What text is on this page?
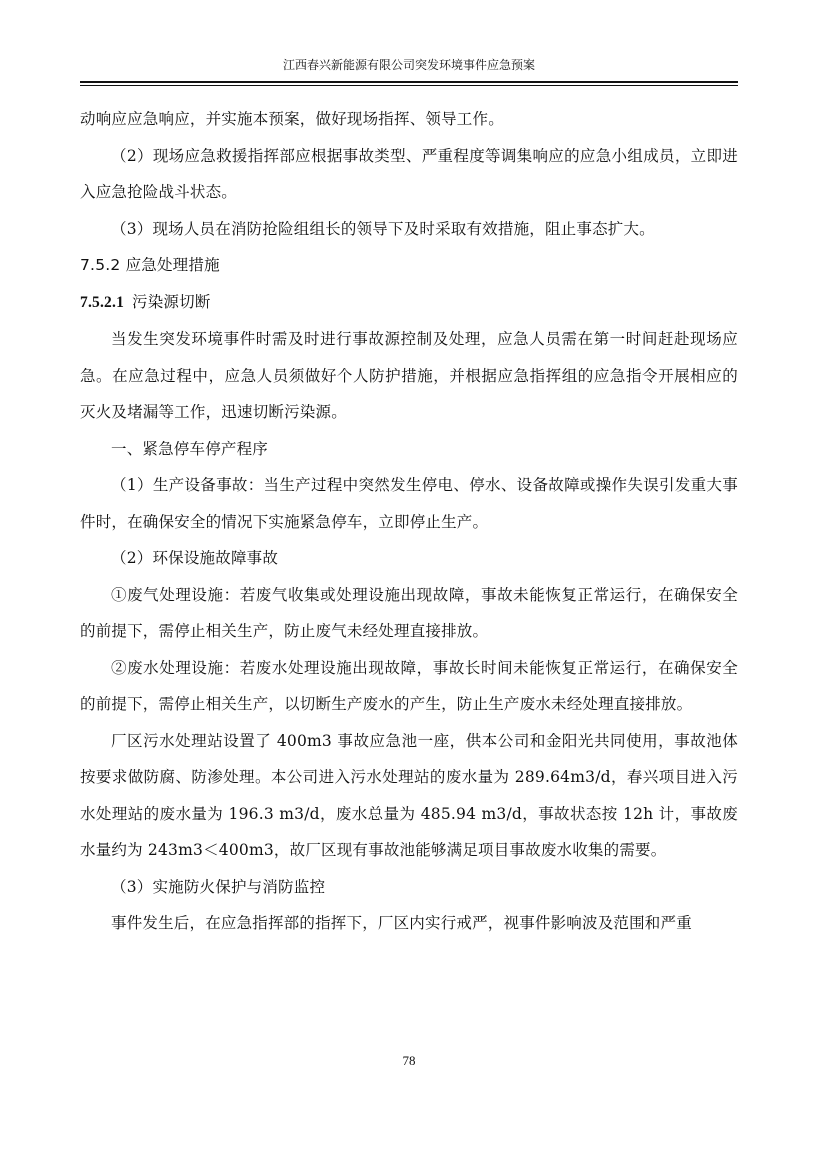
江西春兴新能源有限公司突发环境事件应急预案

动响应应急响应，并实施本预案，做好现场指挥、领导工作。

（2）现场应急救援指挥部应根据事故类型、严重程度等调集响应的应急小组成员，立即进入应急抢险战斗状态。

（3）现场人员在消防抢险组组长的领导下及时采取有效措施，阻止事态扩大。

7.5.2 应急处理措施

7.5.2.1 污染源切断

当发生突发环境事件时需及时进行事故源控制及处理，应急人员需在第一时间赶赴现场应急。在应急过程中，应急人员须做好个人防护措施，并根据应急指挥组的应急指令开展相应的灭火及堵漏等工作，迅速切断污染源。

一、紧急停车停产程序

（1）生产设备事故：当生产过程中突然发生停电、停水、设备故障或操作失误引发重大事件时，在确保安全的情况下实施紧急停车，立即停止生产。

（2）环保设施故障事故

①废气处理设施：若废气收集或处理设施出现故障，事故未能恢复正常运行，在确保安全的前提下，需停止相关生产，防止废气未经处理直接排放。

②废水处理设施：若废水处理设施出现故障，事故长时间未能恢复正常运行，在确保安全的前提下，需停止相关生产，以切断生产废水的产生，防止生产废水未经处理直接排放。

厂区污水处理站设置了 400m3 事故应急池一座，供本公司和金阳光共同使用，事故池体按要求做防腐、防渗处理。本公司进入污水处理站的废水量为 289.64m3/d，春兴项目进入污水处理站的废水量为 196.3 m3/d，废水总量为 485.94 m3/d，事故状态按 12h 计，事故废水量约为 243m3＜400m3，故厂区现有事故池能够满足项目事故废水收集的需要。

（3）实施防火保护与消防监控

事件发生后，在应急指挥部的指挥下，厂区内实行戒严，视事件影响波及范围和严重

78
